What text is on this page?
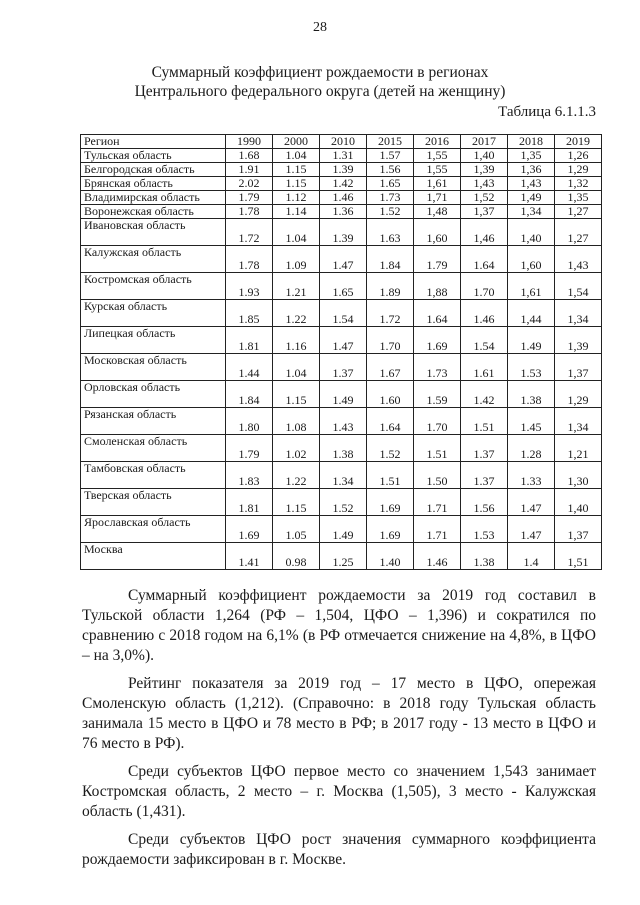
28
Суммарный коэффициент рождаемости в регионах
Центрального федерального округа (детей на женщину)
Таблица 6.1.1.3
Регион	1990	2000	2010	2015	2016	2017	2018	2019
Тульская область	1.68	1.04	1.31	1.57	1,55	1,40	1,35	1,26
Белгородская область	1.91	1.15	1.39	1.56	1,55	1,39	1,36	1,29
Брянская область	2.02	1.15	1.42	1.65	1,61	1,43	1,43	1,32
Владимирская область	1.79	1.12	1.46	1.73	1,71	1,52	1,49	1,35
Воронежская область	1.78	1.14	1.36	1.52	1,48	1,37	1,34	1,27
Ивановская область	1.72	1.04	1.39	1.63	1,60	1,46	1,40	1,27
Калужская область	1.78	1.09	1.47	1.84	1.79	1.64	1,60	1,43
Костромская область	1.93	1.21	1.65	1.89	1,88	1.70	1,61	1,54
Курская область	1.85	1.22	1.54	1.72	1.64	1.46	1,44	1,34
Липецкая область	1.81	1.16	1.47	1.70	1.69	1.54	1.49	1,39
Московская область	1.44	1.04	1.37	1.67	1.73	1.61	1.53	1,37
Орловская область	1.84	1.15	1.49	1.60	1.59	1.42	1.38	1,29
Рязанская область	1.80	1.08	1.43	1.64	1.70	1.51	1.45	1,34
Смоленская область	1.79	1.02	1.38	1.52	1.51	1.37	1.28	1,21
Тамбовская область	1.83	1.22	1.34	1.51	1.50	1.37	1.33	1,30
Тверская область	1.81	1.15	1.52	1.69	1.71	1.56	1.47	1,40
Ярославская область	1.69	1.05	1.49	1.69	1.71	1.53	1.47	1,37
Москва	1.41	0.98	1.25	1.40	1.46	1.38	1.4	1,51

Суммарный коэффициент рождаемости за 2019 год составил в Тульской области 1,264 (РФ – 1,504, ЦФО – 1,396) и сократился по сравнению с 2018 годом на 6,1% (в РФ отмечается снижение на 4,8%, в ЦФО – на 3,0%).

Рейтинг показателя за 2019 год – 17 место в ЦФО, опережая Смоленскую область (1,212). (Справочно: в 2018 году Тульская область занимала 15 место в ЦФО и 78 место в РФ; в 2017 году - 13 место в ЦФО и 76 место в РФ).

Среди субъектов ЦФО первое место со значением 1,543 занимает Костромская область, 2 место – г. Москва (1,505), 3 место - Калужская область (1,431).

Среди субъектов ЦФО рост значения суммарного коэффициента рождаемости зафиксирован в г. Москве.
